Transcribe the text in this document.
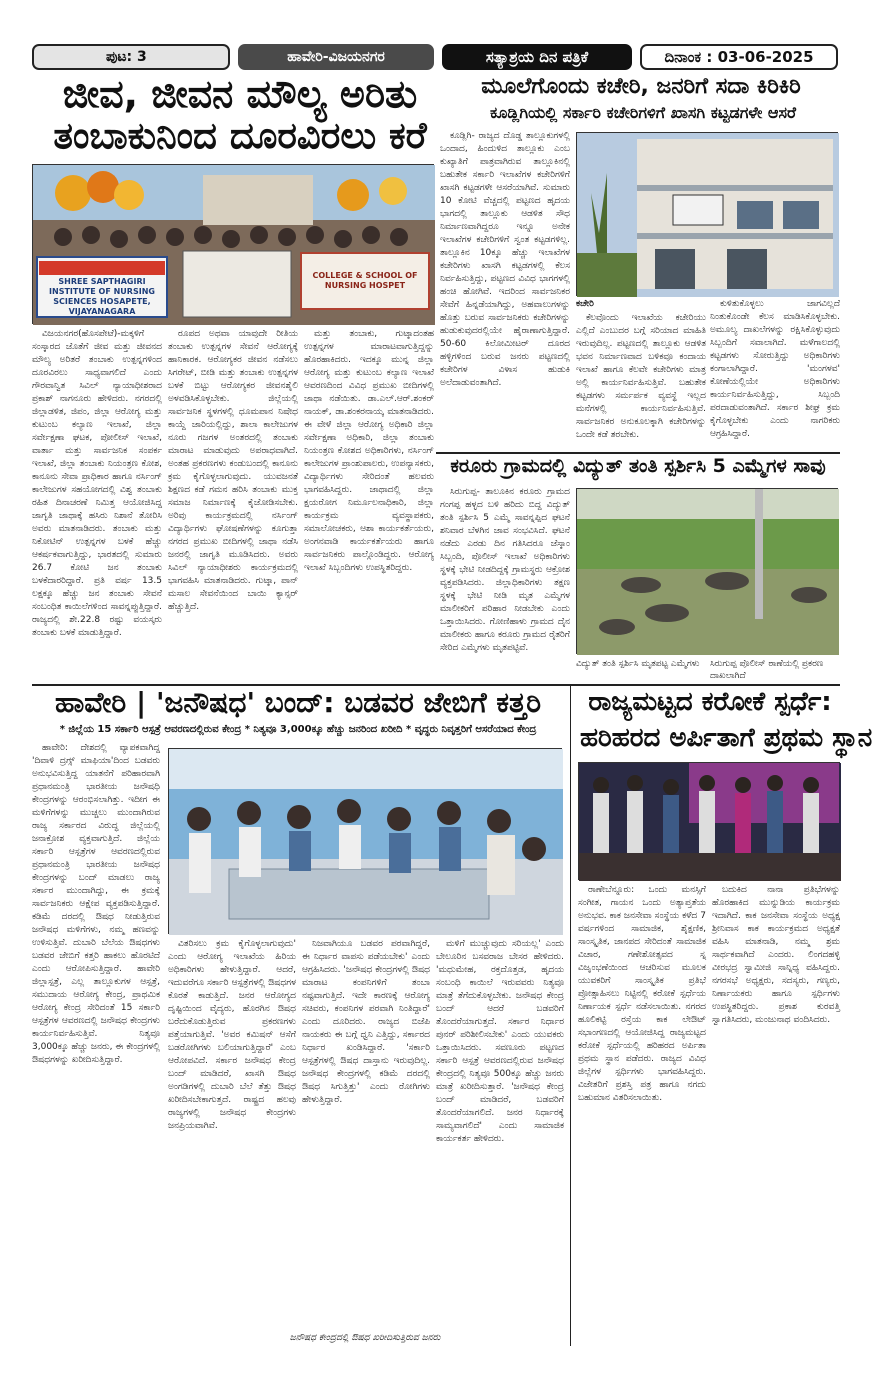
ಪುಟ: 3	ಹಾವೇರಿ-ವಿಜಯನಗರ	ಸತ್ಯಾಶ್ರಯ ದಿನ ಪತ್ರಿಕೆ	ದಿನಾಂಕ : 03-06-2025
ಜೀವ, ಜೀವನ ಮೌಲ್ಯ ಅರಿತು
ತಂಬಾಕುನಿಂದ ದೂರವಿರಲು ಕರೆ
SHREE SAPTHAGIRI INSTITUTE OF NURSING SCIENCES HOSAPETE, VIJAYANAGARA
COLLEGE & SCHOOL OF NURSING HOSPET

ವಿಜಯನಗರ(ಹೊಸಪೇಟೆ)-ಮಕ್ಕಳಿಗೆ ಸಂಸ್ಕಾರದ ಜೊತೆಗೆ ಜೀವ ಮತ್ತು ಜೀವನದ ಮೌಲ್ಯ ಅರಿತರೆ ತಂಬಾಕು ಉತ್ಪನ್ನಗಳಿಂದ ದೂರವಿರಲು ಸಾಧ್ಯವಾಗಲಿದೆ ಎಂದು ಗೌರವಾನ್ವಿತ ಸಿವಿಲ್ ನ್ಯಾಯಾಧೀಶರಾದ ಪ್ರಕಾಶ್ ನಾಗನೂರು ಹೇಳಿದರು. ನಗರದಲ್ಲಿ ಜಿಲ್ಲಾಡಳಿತ, ಜಿಪಂ, ಜಿಲ್ಲಾ ಆರೋಗ್ಯ ಮತ್ತು ಕುಟುಂಬ ಕಲ್ಯಾಣ ಇಲಾಖೆ, ಜಿಲ್ಲಾ ಸರ್ವೇಕ್ಷಣಾ ಘಟಕ, ಪೋಲೀಸ್ ಇಲಾಖೆ, ವಾರ್ತಾ ಮತ್ತು ಸಾರ್ವಜನಿಕ ಸಂಪರ್ಕ ಇಲಾಖೆ, ಜಿಲ್ಲಾ ತಂಬಾಕು ನಿಯಂತ್ರಣ ಕೋಶ, ಕಾನೂನು ಸೇವಾ ಪ್ರಾಧಿಕಾರ ಹಾಗೂ ನರ್ಸಿಂಗ್ ಕಾಲೇಜುಗಳ ಸಹಯೋಗದಲ್ಲಿ ವಿಶ್ವ ತಂಬಾಕು ರಹಿತ ದಿನಾಚರಣೆ ನಿಮಿತ್ತ ಆಯೋಜಿಸಿದ್ದ ಜಾಗೃತಿ ಜಾಥಾಕ್ಕೆ ಹಸಿರು ನಿಶಾನೆ ತೋರಿಸಿ ಅವರು ಮಾತನಾಡಿದರು. ತಂಬಾಕು ಮತ್ತು ನಿಕೋಟಿನ್ ಉತ್ಪನ್ನಗಳ ಬಳಕೆ ಹೆಚ್ಚು ಆಕರ್ಷಕವಾಗುತ್ತಿದ್ದು, ಭಾರತದಲ್ಲಿ ಸುಮಾರು 26.7 ಕೋಟಿ ಜನ ತಂಬಾಕು ಬಳಕೆದಾರರಿದ್ದಾರೆ. ಪ್ರತಿ ವರ್ಷ 13.5 ಲಕ್ಷಕ್ಕೂ ಹೆಚ್ಚು ಜನ ತಂಬಾಕು ಸೇವನೆ ಸಂಬಂಧಿತ ಕಾಯಿಲೆಗಳಿಂದ ಸಾವನ್ನಪ್ಪುತ್ತಿದ್ದಾರೆ. ರಾಜ್ಯದಲ್ಲಿ ಶೇ.22.8 ರಷ್ಟು ವಯಸ್ಕರು ತಂಬಾಕು ಬಳಕೆ ಮಾಡುತ್ತಿದ್ದಾರೆ.

ರೂಪದ ಅಥವಾ ಯಾವುದೇ ರೀತಿಯ ತಂಬಾಕು ಉತ್ಪನ್ನಗಳ ಸೇವನೆ ಆರೋಗ್ಯಕ್ಕೆ ಹಾನಿಕಾರಕ. ಆರೋಗ್ಯಕರ ಜೀವನ ನಡೆಸಲು ಸಿಗರೇಟ್, ಬೀಡಿ ಮತ್ತು ತಂಬಾಕು ಉತ್ಪನ್ನಗಳ ಬಳಕೆ ಬಿಟ್ಟು ಆರೋಗ್ಯಕರ ಜೀವನಶೈಲಿ ಅಳವಡಿಸಿಕೊಳ್ಳಬೇಕು. ಜಿಲ್ಲೆಯಲ್ಲಿ ಸಾರ್ವಜನಿಕ ಸ್ಥಳಗಳಲ್ಲಿ ಧೂಮಪಾನ ನಿಷೇಧ ಕಾಯ್ದೆ ಜಾರಿಯಲ್ಲಿದ್ದು, ಶಾಲಾ ಕಾಲೇಜುಗಳ ನೂರು ಗಜಗಳ ಅಂತರದಲ್ಲಿ ತಂಬಾಕು ಮಾರಾಟ ಮಾಡುವುದು ಅಪರಾಧವಾಗಿದೆ. ಅಂತಹ ಪ್ರಕರಣಗಳು ಕಂಡುಬಂದಲ್ಲಿ ಕಾನೂನು ಕ್ರಮ ಕೈಗೊಳ್ಳಲಾಗುವುದು. ಯುವಜನತೆ ಶಿಕ್ಷಣದ ಕಡೆ ಗಮನ ಹರಿಸಿ ತಂಬಾಕು ಮುಕ್ತ ಸಮಾಜ ನಿರ್ಮಾಣಕ್ಕೆ ಕೈಜೋಡಿಸಬೇಕು. ಅರಿವು ಕಾರ್ಯಕ್ರಮದಲ್ಲಿ ನರ್ಸಿಂಗ್ ವಿದ್ಯಾರ್ಥಿಗಳು ಘೋಷಣೆಗಳನ್ನು ಕೂಗುತ್ತಾ ನಗರದ ಪ್ರಮುಖ ಬೀದಿಗಳಲ್ಲಿ ಜಾಥಾ ನಡೆಸಿ ಜನರಲ್ಲಿ ಜಾಗೃತಿ ಮೂಡಿಸಿದರು. ಅವರು ಸಿವಿಲ್ ನ್ಯಾಯಾಧೀಶರು ಕಾರ್ಯಕ್ರಮದಲ್ಲಿ ಭಾಗವಹಿಸಿ ಮಾತನಾಡಿದರು. ಗುಟ್ಕಾ, ಪಾನ್ ಮಸಾಲ ಸೇವನೆಯಿಂದ ಬಾಯಿ ಕ್ಯಾನ್ಸರ್ ಹೆಚ್ಚುತ್ತಿದೆ.

ಮತ್ತು ತಂಬಾಕು, ಗುಟ್ಕಾದಂತಹ ಉತ್ಪನ್ನಗಳ ಮಾರಾಟವಾಗುತ್ತಿದ್ದನ್ನು ಹೊರಹಾಕಿದರು. ಇದಕ್ಕೂ ಮುನ್ನ ಜಿಲ್ಲಾ ಆರೋಗ್ಯ ಮತ್ತು ಕುಟುಂಬ ಕಲ್ಯಾಣ ಇಲಾಖೆ ಆವರಣದಿಂದ ವಿವಿಧ ಪ್ರಮುಖ ಬೀದಿಗಳಲ್ಲಿ ಜಾಥಾ ನಡೆಯಿತು. ಡಾ.ಎಲ್.ಆರ್.ಶಂಕರ್ ನಾಯಕ್, ಡಾ.ಶಂಕರನಾಯ್ಕ ಮಾತನಾಡಿದರು. ಈ ವೇಳೆ ಜಿಲ್ಲಾ ಆರೋಗ್ಯ ಅಧಿಕಾರಿ ಜಿಲ್ಲಾ ಸರ್ವೇಕ್ಷಣಾ ಅಧಿಕಾರಿ, ಜಿಲ್ಲಾ ತಂಬಾಕು ನಿಯಂತ್ರಣ ಕೋಶದ ಅಧಿಕಾರಿಗಳು, ನರ್ಸಿಂಗ್ ಕಾಲೇಜುಗಳ ಪ್ರಾಂಶುಪಾಲರು, ಉಪನ್ಯಾಸಕರು, ವಿದ್ಯಾರ್ಥಿಗಳು ಸೇರಿದಂತೆ ಹಲವರು ಭಾಗವಹಿಸಿದ್ದರು. ಜಾಥಾದಲ್ಲಿ ಜಿಲ್ಲಾ ಕ್ಷಯರೋಗ ನಿರ್ಮೂಲನಾಧಿಕಾರಿ, ಜಿಲ್ಲಾ ಕಾರ್ಯಕ್ರಮ ವ್ಯವಸ್ಥಾಪಕರು, ಸಮಾಲೋಚಕರು, ಆಶಾ ಕಾರ್ಯಕರ್ತೆಯರು, ಅಂಗನವಾಡಿ ಕಾರ್ಯಕರ್ತೆಯರು ಹಾಗೂ ಸಾರ್ವಜನಿಕರು ಪಾಲ್ಗೊಂಡಿದ್ದರು. ಆರೋಗ್ಯ ಇಲಾಖೆ ಸಿಬ್ಬಂದಿಗಳು ಉಪಸ್ಥಿತರಿದ್ದರು.

ಮೂಲೆಗೊಂದು ಕಚೇರಿ, ಜನರಿಗೆ ಸದಾ ಕಿರಿಕಿರಿ
ಕೂಡ್ಲಿಗಿಯಲ್ಲಿ ಸರ್ಕಾರಿ ಕಚೇರಿಗಳಿಗೆ ಖಾಸಗಿ ಕಟ್ಟಡಗಳೇ ಆಸರೆ

ಕೂಡ್ಲಿಗಿ- ರಾಜ್ಯದ ದೊಡ್ಡ ತಾಲ್ಲೂಕುಗಳಲ್ಲಿ ಒಂದಾದ, ಹಿಂದುಳಿದ ತಾಲ್ಲೂಕು ಎಂಬ ಕುಖ್ಯಾತಿಗೆ ಪಾತ್ರವಾಗಿರುವ ತಾಲ್ಲೂಕಿನಲ್ಲಿ ಬಹುತೇಕ ಸರ್ಕಾರಿ ಇಲಾಖೆಗಳ ಕಚೇರಿಗಳಿಗೆ ಖಾಸಗಿ ಕಟ್ಟಡಗಳೇ ಆಸರೆಯಾಗಿವೆ. ಸುಮಾರು 10 ಕೋಟಿ ವೆಚ್ಚದಲ್ಲಿ ಪಟ್ಟಣದ ಹೃದಯ ಭಾಗದಲ್ಲಿ ತಾಲ್ಲೂಕು ಆಡಳಿತ ಸೌಧ ನಿರ್ಮಾಣವಾಗಿದ್ದರೂ ಇನ್ನೂ ಅನೇಕ ಇಲಾಖೆಗಳ ಕಚೇರಿಗಳಿಗೆ ಸ್ವಂತ ಕಟ್ಟಡಗಳಿಲ್ಲ. ತಾಲ್ಲೂಕಿನ 10ಕ್ಕೂ ಹೆಚ್ಚು ಇಲಾಖೆಗಳ ಕಚೇರಿಗಳು ಖಾಸಗಿ ಕಟ್ಟಡಗಳಲ್ಲಿ ಕೆಲಸ ನಿರ್ವಹಿಸುತ್ತಿದ್ದು, ಪಟ್ಟಣದ ವಿವಿಧ ಭಾಗಗಳಲ್ಲಿ ಹಂಚಿ ಹೋಗಿವೆ. ಇದರಿಂದ ಸಾರ್ವಜನಿಕರ ಸೇವೆಗೆ ಹಿನ್ನಡೆಯಾಗಿದ್ದು, ಅಹವಾಲುಗಳನ್ನು ಹೊತ್ತು ಬರುವ ಸಾರ್ವಜನಿಕರು ಕಚೇರಿಗಳನ್ನು ಹುಡುಕುವುದರಲ್ಲಿಯೇ ಹೈರಾಣಾಗುತ್ತಿದ್ದಾರೆ. 50-60 ಕಿಲೋಮೀಟರ್ ದೂರದ ಹಳ್ಳಿಗಳಿಂದ ಬರುವ ಜನರು ಪಟ್ಟಣದಲ್ಲಿ ಕಚೇರಿಗಳ ವಿಳಾಸ ಹುಡುಕಿ ಅಲೆದಾಡುವಂತಾಗಿದೆ.

ಕಚೇರಿ

ಕೆಲವೊಂದು ಇಲಾಖೆಯ ಕಚೇರಿಯು ಎಲ್ಲಿದೆ ಎಂಬುದರ ಬಗ್ಗೆ ಸರಿಯಾದ ಮಾಹಿತಿ ಇರುವುದಿಲ್ಲ. ಪಟ್ಟಣದಲ್ಲಿ ತಾಲ್ಲೂಕು ಆಡಳಿತ ಭವನ ನಿರ್ಮಾಣವಾದ ಬಳಿಕವೂ ಕಂದಾಯ ಇಲಾಖೆ ಹಾಗೂ ಕೆಲವೇ ಕಚೇರಿಗಳು ಮಾತ್ರ ಅಲ್ಲಿ ಕಾರ್ಯನಿರ್ವಹಿಸುತ್ತಿವೆ. ಬಹುತೇಕ ಕಟ್ಟಡಗಳು ಸರ್ಮರ್ಪಕ ವ್ಯವಸ್ಥೆ ಇಲ್ಲದ ಮನೆಗಳಲ್ಲಿ ಕಾರ್ಯನಿರ್ವಹಿಸುತ್ತಿವೆ. ಸಾರ್ವಜನಿಕರ ಅನುಕೂಲಕ್ಕಾಗಿ ಕಚೇರಿಗಳನ್ನು ಒಂದೇ ಕಡೆ ತರಬೇಕು.

ಕುಳಿತುಕೊಳ್ಳಲು ಜಾಗವಿಲ್ಲದೆ ನಿಂತುಕೊಂಡೇ ಕೆಲಸ ಮಾಡಿಸಿಕೊಳ್ಳಬೇಕು. ಅಮೂಲ್ಯ ದಾಖಲೆಗಳನ್ನು ರಕ್ಷಿಸಿಕೊಳ್ಳುವುದು ಸಿಬ್ಬಂದಿಗೆ ಸವಾಲಾಗಿದೆ. ಮಳೆಗಾಲದಲ್ಲಿ ಕಟ್ಟಡಗಳು ಸೋರುತ್ತಿದ್ದು ಅಧಿಕಾರಿಗಳು ಕಂಗಾಲಾಗಿದ್ದಾರೆ. 'ಮಂಗಳವ' ಕೋಣೆಯಲ್ಲಿಯೇ ಅಧಿಕಾರಿಗಳು ಕಾರ್ಯನಿರ್ವಹಿಸುತ್ತಿದ್ದು, ಸಿಬ್ಬಂದಿ ಪರದಾಡುವಂತಾಗಿದೆ. ಸರ್ಕಾರ ಶೀಘ್ರ ಕ್ರಮ ಕೈಗೊಳ್ಳಬೇಕು ಎಂದು ನಾಗರಿಕರು ಆಗ್ರಹಿಸಿದ್ದಾರೆ.

ಕರೂರು ಗ್ರಾಮದಲ್ಲಿ ವಿದ್ಯುತ್ ತಂತಿ ಸ್ಪರ್ಶಿಸಿ 5 ಎಮ್ಮೆಗಳ ಸಾವು

ಸಿರುಗುಪ್ಪ- ತಾಲೂಕಿನ ಕರೂರು ಗ್ರಾಮದ ಗಂಗಪ್ಪ ಹಳ್ಳದ ಬಳಿ ಹರಿದು ಬಿದ್ದ ವಿದ್ಯುತ್ ತಂತಿ ಸ್ಪರ್ಶಿಸಿ 5 ಎಮ್ಮೆ ಸಾವನ್ನಪ್ಪಿದ ಘಟನೆ ಶನಿವಾರ ಬೆಳಗಿನ ಜಾವ ಸಂಭವಿಸಿದೆ. ಘಟನೆ ನಡೆದು ಎರಡು ದಿನ ಗತಿಸಿದರೂ ಜೆಸ್ಕಾಂ ಸಿಬ್ಬಂದಿ, ಪೊಲೀಸ್ ಇಲಾಖೆ ಅಧಿಕಾರಿಗಳು ಸ್ಥಳಕ್ಕೆ ಭೇಟಿ ನೀಡದಿದ್ದಕ್ಕೆ ಗ್ರಾಮಸ್ಥರು ಆಕ್ರೋಶ ವ್ಯಕ್ತಪಡಿಸಿದರು. ಜಿಲ್ಲಾಧಿಕಾರಿಗಳು ತಕ್ಷಣ ಸ್ಥಳಕ್ಕೆ ಭೇಟಿ ನೀಡಿ ಮೃತ ಎಮ್ಮೆಗಳ ಮಾಲೀಕರಿಗೆ ಪರಿಹಾರ ನೀಡಬೇಕು ಎಂದು ಒತ್ತಾಯಿಸಿದರು. ಗೋಣಿಹಾಳು ಗ್ರಾಮದ ದೈನ ಮಾಲೀಕರು ಹಾಗೂ ಕರೂರು ಗ್ರಾಮದ ರೈತರಿಗೆ ಸೇರಿದ ಎಮ್ಮೆಗಳು ಮೃತಪಟ್ಟಿವೆ.

ವಿದ್ಯುತ್ ತಂತಿ ಸ್ಪರ್ಶಿಸಿ ಮೃತಪಟ್ಟ ಎಮ್ಮೆಗಳು	ಸಿರುಗುಪ್ಪ ಪೊಲೀಸ್ ಠಾಣೆಯಲ್ಲಿ ಪ್ರಕರಣ ದಾಖಲಾಗಿದೆ
ಹಾವೇರಿ | 'ಜನೌಷಧ' ಬಂದ್: ಬಡವರ ಜೇಬಿಗೆ ಕತ್ತರಿ
* ಜಿಲ್ಲೆಯ 15 ಸರ್ಕಾರಿ ಆಸ್ಪತ್ರೆ ಆವರಣದಲ್ಲಿರುವ ಕೇಂದ್ರ * ನಿತ್ಯವೂ 3,000ಕ್ಕೂ ಹೆಚ್ಚು ಜನರಿಂದ ಖರೀದಿ * ವೃದ್ಧರು ನಿವೃತ್ತರಿಗೆ ಆಸರೆಯಾದ ಕೇಂದ್ರ

ಹಾವೇರಿ: ದೇಶದಲ್ಲಿ ವ್ಯಾಪಕವಾಗಿದ್ದ 'ದಿವಾಳಿ ದ್ರಗ್ಸ್ ಮಾಫಿಯಾ'ದಿಂದ ಬಡವರು ಅನುಭವಿಸುತ್ತಿದ್ದ ಯಾತನೆಗೆ ಪರಿಹಾರವಾಗಿ ಪ್ರಧಾನಮಂತ್ರಿ ಭಾರತೀಯ ಜನೌಷಧಿ ಕೇಂದ್ರಗಳನ್ನು ಆರಂಭಿಸಲಾಗಿತ್ತು. ಇದೀಗ ಈ ಮಳಿಗೆಗಳನ್ನು ಮುಚ್ಚಲು ಮುಂದಾಗಿರುವ ರಾಜ್ಯ ಸರ್ಕಾರದ ವಿರುದ್ಧ ಜಿಲ್ಲೆಯಲ್ಲಿ ಜನಾಕ್ರೋಶ ವ್ಯಕ್ತವಾಗುತ್ತಿದೆ. ಜಿಲ್ಲೆಯ ಸರ್ಕಾರಿ ಆಸ್ಪತ್ರೆಗಳ ಆವರಣದಲ್ಲಿರುವ ಪ್ರಧಾನಮಂತ್ರಿ ಭಾರತೀಯ ಜನೌಷಧ ಕೇಂದ್ರಗಳನ್ನು ಬಂದ್ ಮಾಡಲು ರಾಜ್ಯ ಸರ್ಕಾರ ಮುಂದಾಗಿದ್ದು, ಈ ಕ್ರಮಕ್ಕೆ ಸಾರ್ವಜನಿಕರು ಆಕ್ಷೇಪ ವ್ಯಕ್ತಪಡಿಸುತ್ತಿದ್ದಾರೆ. ಕಡಿಮೆ ದರದಲ್ಲಿ ಔಷಧ ನೀಡುತ್ತಿರುವ ಜನೌಷಧ ಮಳಿಗೆಗಳು, ನಮ್ಮ ಹಣವನ್ನು ಉಳಿಸುತ್ತಿವೆ. ದುಬಾರಿ ಬೆಲೆಯ ಔಷಧಗಳು ಬಡವರ ಜೇಬಿಗೆ ಕತ್ತರಿ ಹಾಕಲು ಹೊರಟಿದೆ ಎಂದು ಆರೋಪಿಸುತ್ತಿದ್ದಾರೆ. ಹಾವೇರಿ ಜಿಲ್ಲಾಸ್ಪತ್ರೆ, ಎಲ್ಲ ತಾಲ್ಲೂಕುಗಳ ಆಸ್ಪತ್ರೆ, ಸಮುದಾಯ ಆರೋಗ್ಯ ಕೇಂದ್ರ, ಪ್ರಾಥಮಿಕ ಆರೋಗ್ಯ ಕೇಂದ್ರ ಸೇರಿದಂತೆ 15 ಸರ್ಕಾರಿ ಆಸ್ಪತ್ರೆಗಳ ಆವರಣದಲ್ಲಿ ಜನೌಷಧ ಕೇಂದ್ರಗಳು ಕಾರ್ಯನಿರ್ವಹಿಸುತ್ತಿವೆ. ನಿತ್ಯವೂ 3,000ಕ್ಕೂ ಹೆಚ್ಚು ಜನರು, ಈ ಕೇಂದ್ರಗಳಲ್ಲಿ ಔಷಧಗಳನ್ನು ಖರೀದಿಸುತ್ತಿದ್ದಾರೆ.

ವಿತರಿಸಲು ಕ್ರಮ ಕೈಗೊಳ್ಳಲಾಗುವುದು' ಎಂದು ಆರೋಗ್ಯ ಇಲಾಖೆಯ ಹಿರಿಯ ಅಧಿಕಾರಿಗಳು ಹೇಳುತ್ತಿದ್ದಾರೆ. ಆದರೆ, ಇದುವರೆಗೂ ಸರ್ಕಾರಿ ಆಸ್ಪತ್ರೆಗಳಲ್ಲಿ ಔಷಧಗಳ ಕೊರತೆ ಕಾಡುತ್ತಿದೆ. ಜನರ ಆರೋಗ್ಯದ ದೃಷ್ಟಿಯಿಂದ ವೈದ್ಯರು, ಹೊರಗಿನ ಔಷಧ ಬರೆದುಕೊಡುತ್ತಿರುವ ಪ್ರಕರಣಗಳು ಪತ್ತೆಯಾಗುತ್ತಿವೆ. 'ಅವರ ಕಮಿಷನ್ ಆಸೆಗೆ ಬಡರೋಗಿಗಳು ಬಲಿಯಾಗುತ್ತಿದ್ದಾರೆ' ಎಂಬ ಆರೋಪವಿದೆ. ಸರ್ಕಾರ ಜನೌಷಧ ಕೇಂದ್ರ ಬಂದ್ ಮಾಡಿದರೆ, ಖಾಸಗಿ ಔಷಧ ಅಂಗಡಿಗಳಲ್ಲಿ ದುಬಾರಿ ಬೆಲೆ ತೆತ್ತು ಔಷಧ ಖರೀದಿಸಬೇಕಾಗುತ್ತದೆ. ರಾಷ್ಟ್ರದ ಹಲವು ರಾಜ್ಯಗಳಲ್ಲಿ ಜನೌಷಧ ಕೇಂದ್ರಗಳು ಜನಪ್ರಿಯವಾಗಿವೆ.

ನಿಜವಾಗಿಯೂ ಬಡವರ ಪರವಾಗಿದ್ದರೆ, ಈ ನಿರ್ಧಾರ ವಾಪಸು ಪಡೆಯಬೇಕು' ಎಂದು ಆಗ್ರಹಿಸಿದರು. 'ಜನೌಷಧ ಕೇಂದ್ರಗಳಲ್ಲಿ ಔಷಧ ಮಾರಾಟ ಕಂಪನಿಗಳಿಗೆ ತಂಬಾ ನಷ್ಟವಾಗುತ್ತಿದೆ. ಇದೇ ಕಾರಣಕ್ಕೆ ಆರೋಗ್ಯ ಸಚಿವರು, ಕಂಪನಿಗಳ ಪರವಾಗಿ ನಿಂತಿದ್ದಾರೆ' ಎಂದು ದೂರಿದರು. ರಾಜ್ಯದ ಬಿಜೆಪಿ ನಾಯಕರು ಈ ಬಗ್ಗೆ ಧ್ವನಿ ಎತ್ತಿದ್ದು, ಸರ್ಕಾರದ ನಿರ್ಧಾರ ಖಂಡಿಸಿದ್ದಾರೆ. 'ಸರ್ಕಾರಿ ಆಸ್ಪತ್ರೆಗಳಲ್ಲಿ ಔಷಧ ದಾಸ್ತಾನು ಇರುವುದಿಲ್ಲ. ಜನೌಷಧ ಕೇಂದ್ರಗಳಲ್ಲಿ ಕಡಿಮೆ ದರದಲ್ಲಿ ಔಷಧ ಸಿಗುತ್ತಿತ್ತು' ಎಂದು ರೋಗಿಗಳು ಹೇಳುತ್ತಿದ್ದಾರೆ.

ಮಳಿಗೆ ಮುಚ್ಚುವುದು ಸರಿಯಲ್ಲ' ಎಂದು ಬೇಲೂರಿನ ಬಸವರಾಜ ಬೇಸರ ಹೇಳಿದರು. 'ಮಧುಮೇಹ, ರಕ್ತದೊತ್ತಡ, ಹೃದಯ ಸಂಬಂಧಿ ಕಾಯಿಲೆ ಇರುವವರು ನಿತ್ಯವೂ ಮಾತ್ರೆ ತೆಗೆದುಕೊಳ್ಳಬೇಕು. ಜನೌಷಧ ಕೇಂದ್ರ ಬಂದ್ ಆದರೆ ಬಡವರಿಗೆ ತೊಂದರೆಯಾಗುತ್ತದೆ. ಸರ್ಕಾರ ನಿರ್ಧಾರ ಪುನರ್ ಪರಿಶೀಲಿಸಬೇಕು' ಎಂದು ಯುವಕರು ಒತ್ತಾಯಿಸಿದರು. ಸವಣೂರು ಪಟ್ಟಣದ ಸರ್ಕಾರಿ ಆಸ್ಪತ್ರೆ ಆವರಣದಲ್ಲಿರುವ ಜನೌಷಧ ಕೇಂದ್ರದಲ್ಲಿ ನಿತ್ಯವೂ 500ಕ್ಕೂ ಹೆಚ್ಚು ಜನರು ಮಾತ್ರೆ ಖರೀದಿಸುತ್ತಾರೆ. 'ಜನೌಷಧ ಕೇಂದ್ರ ಬಂದ್ ಮಾಡಿದರೆ, ಬಡವರಿಗೆ ತೊಂದರೆಯಾಗಲಿದೆ. ಜನರ ನಿರ್ಧಾರಕ್ಕೆ ಸಾಮ್ಯವಾಗಲಿದೆ' ಎಂದು ಸಾಮಾಜಿಕ ಕಾರ್ಯಕರ್ತ ಹೇಳಿದರು.

ಜನೌಷಧ ಕೇಂದ್ರದಲ್ಲಿ ಔಷಧ ಖರೀದಿಸುತ್ತಿರುವ ಜನರು
ರಾಜ್ಯಮಟ್ಟದ ಕರೋಕೆ ಸ್ಪರ್ಧೆ:
ಹರಿಹರದ ಅರ್ಪಿತಾಗೆ ಪ್ರಥಮ ಸ್ಥಾನ

ರಾಣೇಬೆನ್ನೂರು: ಒಂದು ಮನಸ್ಸಿಗೆ ಸಂಗೀತ, ಗಾಯನ ಒಂದು ಅತ್ಯಾಪ್ತತೆಯ ಅನುಭವ. ಕಾಕ ಜನಸೇವಾ ಸಂಸ್ಥೆಯ ಕಳೆದ 7 ವರ್ಷಗಳಿಂದ ಸಾಮಾಜಿಕ, ಶೈಕ್ಷಣಿಕ, ಸಾಂಸ್ಕೃತಿಕ, ಜಾನಪದ ಸೇರಿದಂತೆ ಸಾಮಾಜಿಕ ವಿಚಾರ, ಗಣೇಶೋತ್ಸವದ ಸ್ನ ವಿಜೃಂಭಣೆಯಿಂದ ಆಚರಿಸುವ ಮೂಲಕ ಯುವಕರಿಗೆ ಸಾಂಸ್ಕೃತಿಕ ಪ್ರತಿಭೆ ಪ್ರೋತ್ಸಾಹಿಸಲು ನಿಟ್ಟಿನಲ್ಲಿ ಕರೋಕೆ ಸ್ಪರ್ಧೆಯ ನಿರ್ಣಾಯಕ ಸ್ಪರ್ಧೆ ನಡೆಸಲಾಯಿತು. ನಗರದ ಹೂಲಿಕಟ್ಟಿ ರಸ್ತೆಯ ಕಾಕ ಲೇಔಟ್ ಸಭಾಂಗಣದಲ್ಲಿ ಆಯೋಜಿಸಿದ್ದ ರಾಜ್ಯಮಟ್ಟದ ಕರೋಕೆ ಸ್ಪರ್ಧೆಯಲ್ಲಿ ಹರಿಹರದ ಅರ್ಪಿತಾ ಪ್ರಥಮ ಸ್ಥಾನ ಪಡೆದರು. ರಾಜ್ಯದ ವಿವಿಧ ಜಿಲ್ಲೆಗಳ ಸ್ಪರ್ಧಿಗಳು ಭಾಗವಹಿಸಿದ್ದರು. ವಿಜೇತರಿಗೆ ಪ್ರಶಸ್ತಿ ಪತ್ರ ಹಾಗೂ ನಗದು ಬಹುಮಾನ ವಿತರಿಸಲಾಯಿತು.

ಬದುಕಿದ ನಾನಾ ಪ್ರತಿಭೆಗಳನ್ನು ಹೊರಹಾಕಿದ ಮುನ್ನುಡಿಯ ಕಾರ್ಯಕ್ರಮ ಇದಾಗಿದೆ. ಕಾಕ ಜನಸೇವಾ ಸಂಸ್ಥೆಯ ಅಧ್ಯಕ್ಷ ಶ್ರೀನಿವಾಸ ಕಾಕ ಕಾರ್ಯಕ್ರಮದ ಅಧ್ಯಕ್ಷತೆ ವಹಿಸಿ ಮಾತನಾಡಿ, ನಮ್ಮ ಶ್ರಮ ಸಾರ್ಥಕವಾಗಿದೆ ಎಂದರು. ಲಿಂಗದಹಳ್ಳಿ ವೀರಭದ್ರ ಸ್ವಾಮೀಜಿ ಸಾನ್ನಿಧ್ಯ ವಹಿಸಿದ್ದರು. ನಗರಸಭೆ ಅಧ್ಯಕ್ಷರು, ಸದಸ್ಯರು, ಗಣ್ಯರು, ನಿರ್ಣಾಯಕರು ಹಾಗೂ ಸ್ಪರ್ಧಿಗಳು ಉಪಸ್ಥಿತರಿದ್ದರು. ಪ್ರಕಾಶ ಕುರವತ್ತಿ ಸ್ವಾಗತಿಸಿದರು, ಮಂಜುನಾಥ ವಂದಿಸಿದರು.
